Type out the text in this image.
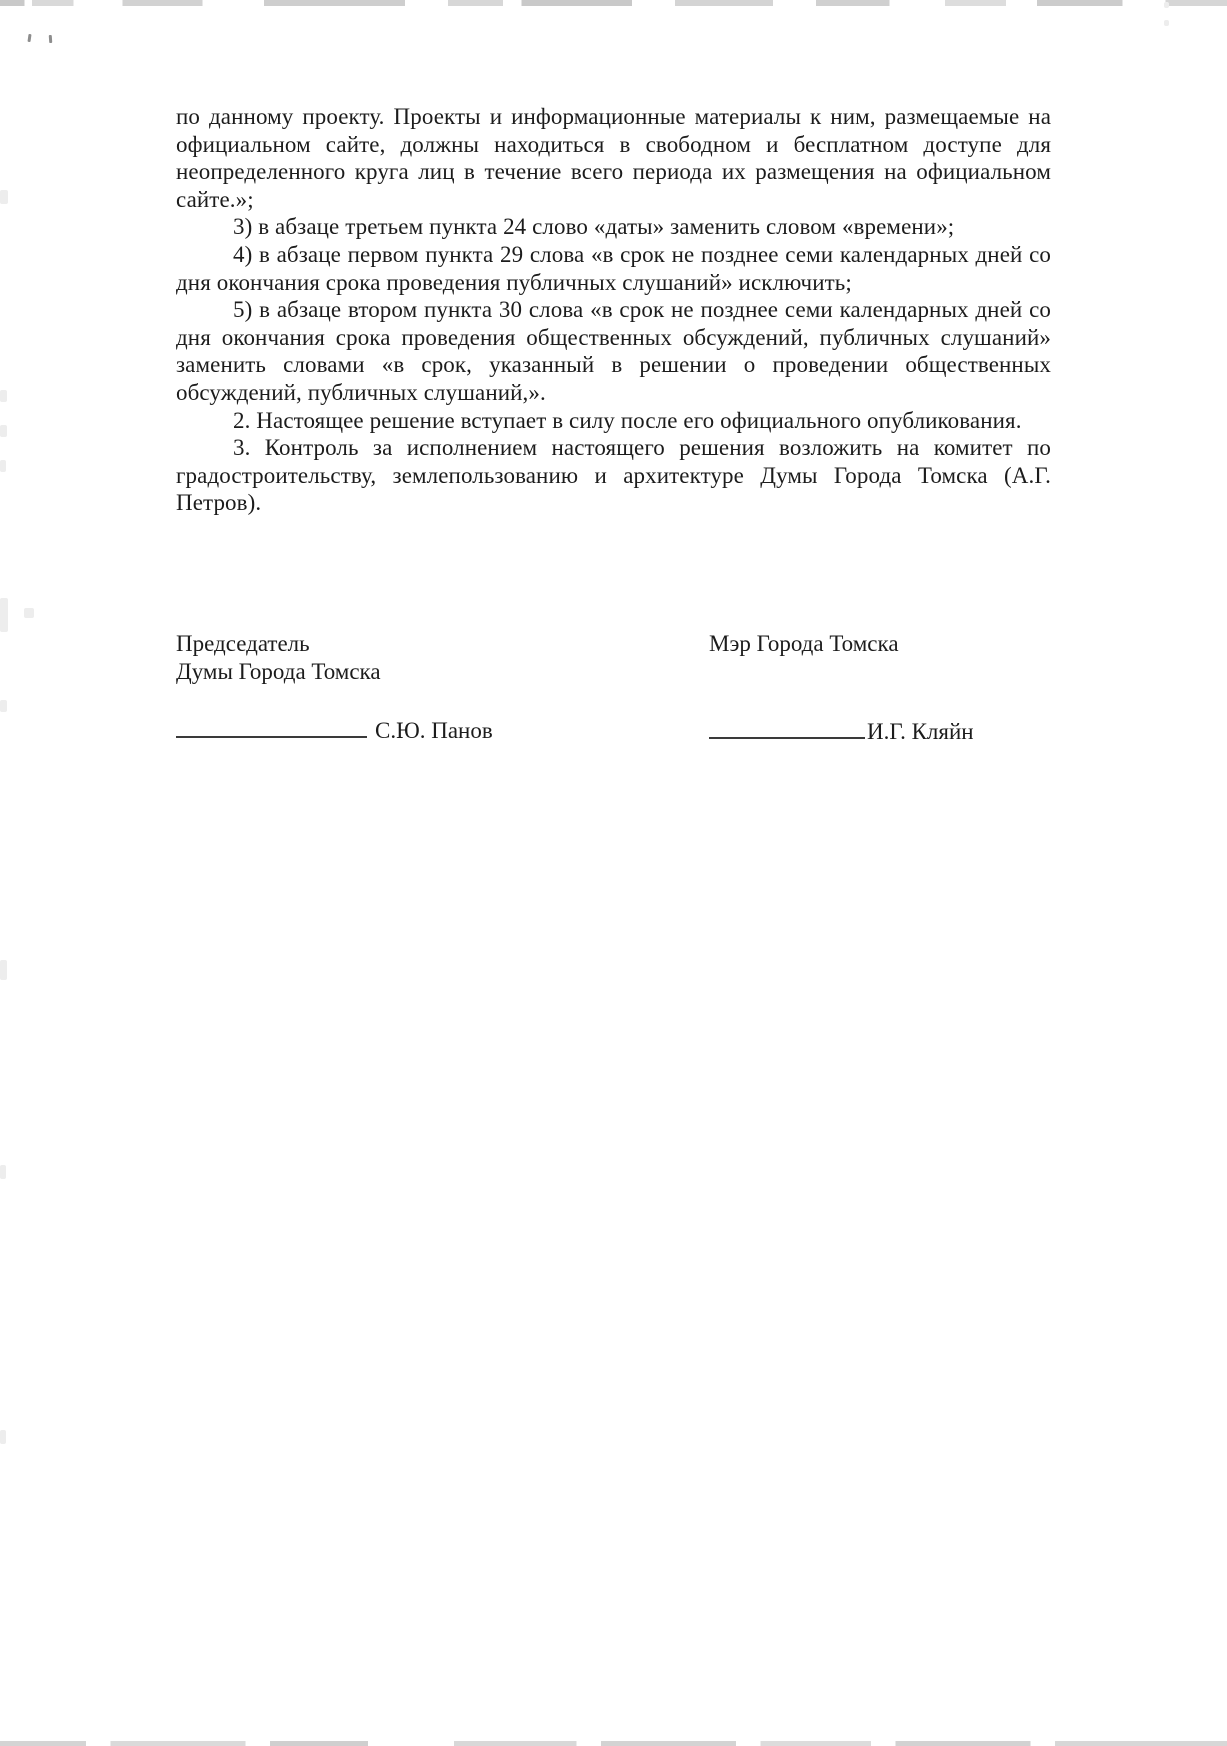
по данному проекту. Проекты и информационные материалы к ним, размещаемые на официальном сайте, должны находиться в свободном и бесплатном доступе для неопределенного круга лиц в течение всего периода их размещения на официальном сайте.»;

3) в абзаце третьем пункта 24 слово «даты» заменить словом «времени»;

4) в абзаце первом пункта 29 слова «в срок не позднее семи календарных дней со дня окончания срока проведения публичных слушаний» исключить;

5) в абзаце втором пункта 30 слова «в срок не позднее семи календарных дней со дня окончания срока проведения общественных обсуждений, публичных слушаний» заменить словами «в срок, указанный в решении о проведении общественных обсуждений, публичных слушаний,».

2. Настоящее решение вступает в силу после его официального опубликования.

3. Контроль за исполнением настоящего решения возложить на комитет по градостроительству, землепользованию и архитектуре Думы Города Томска (А.Г. Петров).

Председатель
Думы Города Томска
С.Ю. Панов
Мэр Города Томска
И.Г. Кляйн
